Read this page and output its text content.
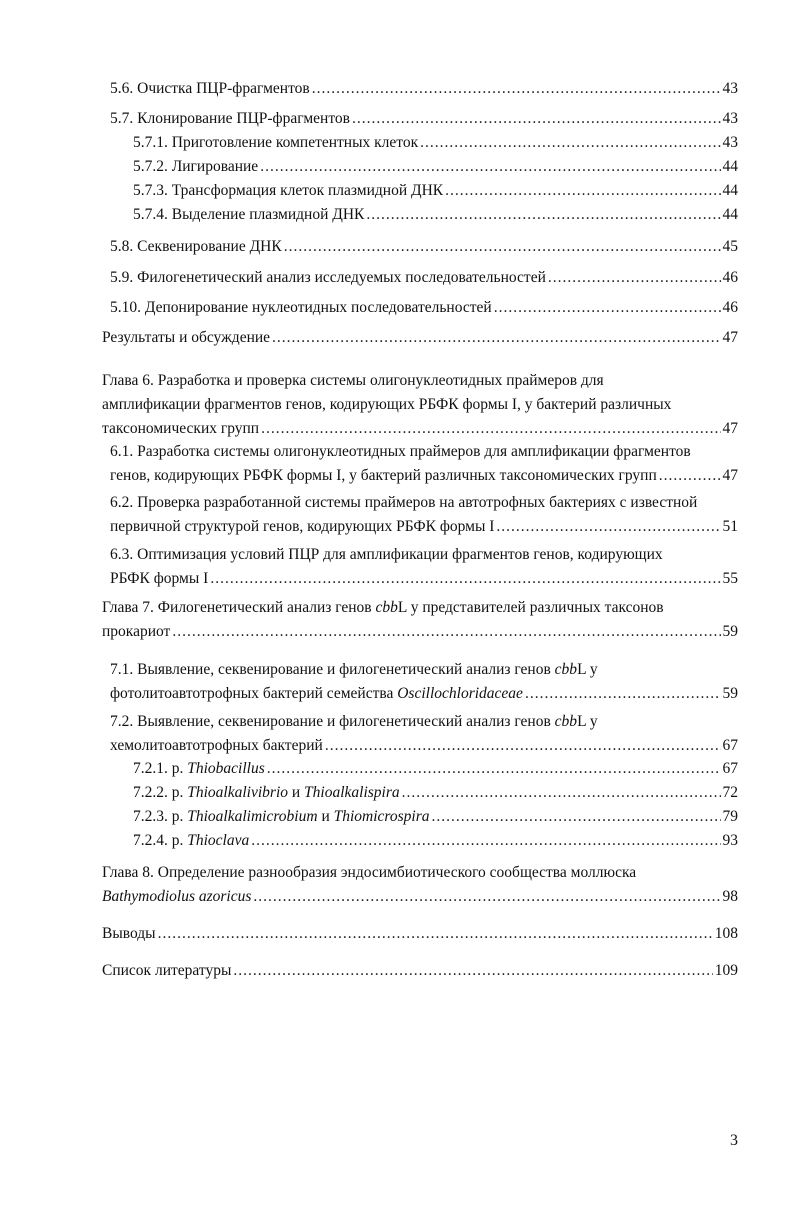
5.6. Очистка ПЦР-фрагментов .....	43
5.7. Клонирование ПЦР-фрагментов .....	43
5.7.1. Приготовление компетентных клеток .....	43
5.7.2. Лигирование .....	44
5.7.3. Трансформация клеток плазмидной ДНК .....	44
5.7.4. Выделение плазмидной ДНК .....	44
5.8. Секвенирование ДНК .....	45
5.9. Филогенетический анализ исследуемых последовательностей .....	46
5.10. Депонирование нуклеотидных последовательностей .....	46
Результаты и обсуждение .....	47
Глава 6. Разработка и проверка системы олигонуклеотидных праймеров для
амплификации фрагментов генов, кодирующих РБФК формы I, у бактерий различных
таксономических групп .....	47
6.1. Разработка системы олигонуклеотидных праймеров для амплификации фрагментов
генов, кодирующих РБФК формы I, у бактерий различных таксономических групп .....	47
6.2. Проверка разработанной системы праймеров на автотрофных бактериях с известной
первичной структурой генов, кодирующих РБФК формы I .....	51
6.3. Оптимизация условий ПЦР для амплификации фрагментов генов, кодирующих
РБФК формы I .....	55
Глава 7. Филогенетический анализ генов cbbL у представителей различных таксонов
прокариот .....	59
7.1. Выявление, секвенирование и филогенетический анализ генов cbbL у
фотолитоавтотрофных бактерий семейства Oscillochloridaceae .....	59
7.2. Выявление, секвенирование и филогенетический анализ генов cbbL у
хемолитоавтотрофных бактерий .....	67
7.2.1. р. Thiobacillus .....	67
7.2.2. р. Thioalkalivibrio и Thioalkalispira .....	72
7.2.3. р. Thioalkalimicrobium и Thiomicrospira .....	79
7.2.4. р. Thioclava .....	93
Глава 8. Определение разнообразия эндосимбиотического сообщества моллюска
Bathymodiolus azoricus .....	98
Выводы .....	108
Список литературы .....	109
3
